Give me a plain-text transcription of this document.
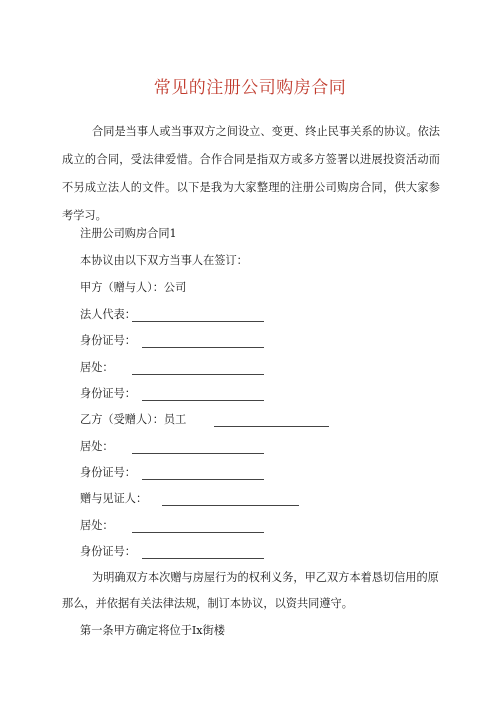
常见的注册公司购房合同

合同是当事人或当事双方之间设立、变更、终止民事关系的协议。依法成立的合同，受法律爱惜。合作合同是指双方或多方签署以进展投资活动而不另成立法人的文件。以下是我为大家整理的注册公司购房合同，供大家参考学习。

注册公司购房合同1
本协议由以下双方当事人在签订：
甲方（赠与人）：公司
法人代表：
身份证号：
居处：
身份证号：
乙方（受赠人）：员工
居处：
身份证号：
赠与见证人：
居处：
身份证号：

为明确双方本次赠与房屋行为的权利义务，甲乙双方本着恳切信用的原那么，并依据有关法律法规，制订本协议，以资共同遵守。

第一条甲方确定将位于Ix街楼
